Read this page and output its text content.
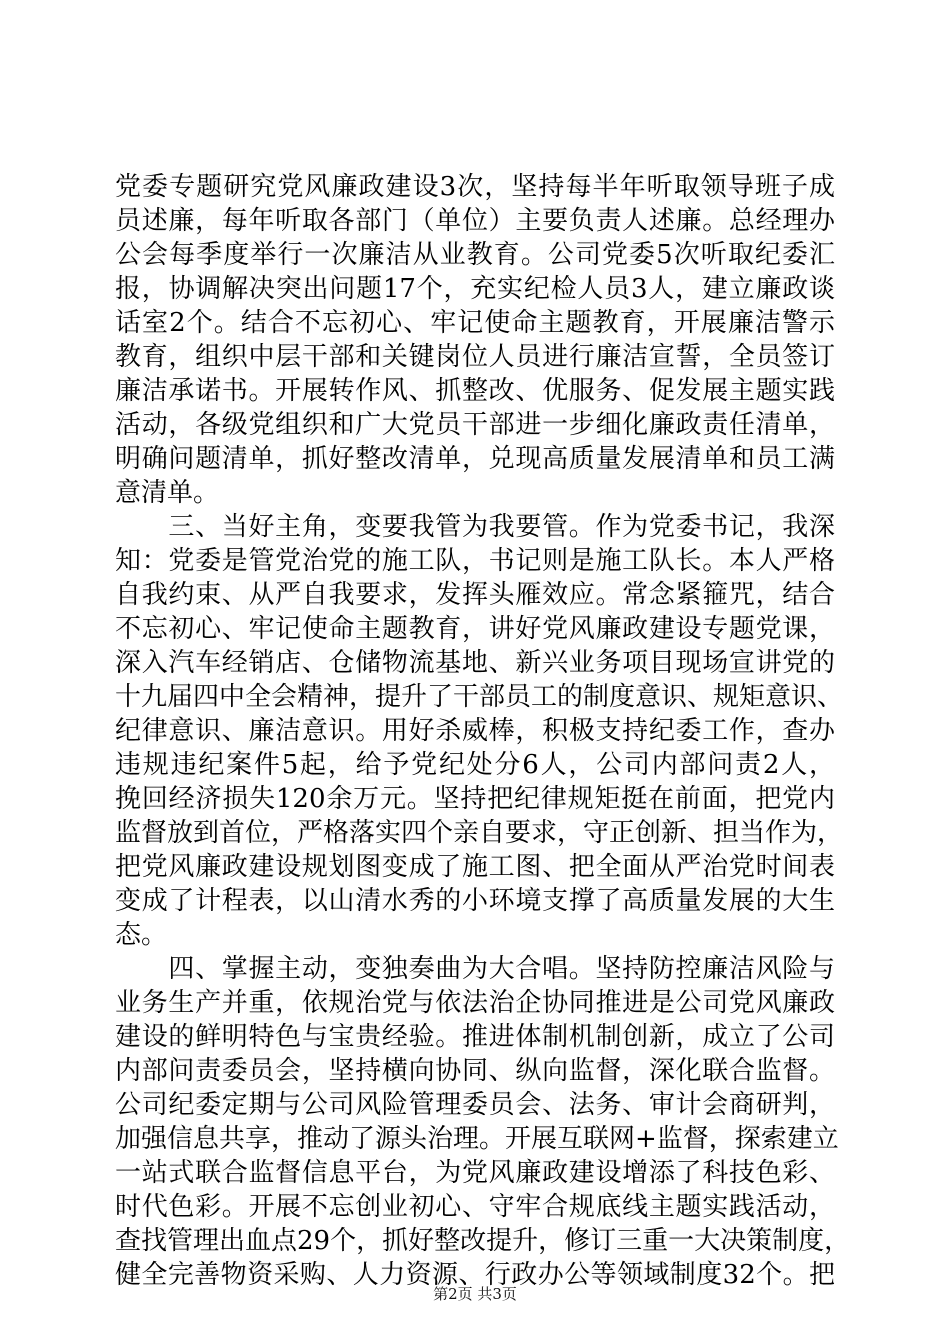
党委专题研究党风廉政建设3次，坚持每半年听取领导班子成
员述廉，每年听取各部门（单位）主要负责人述廉。总经理办
公会每季度举行一次廉洁从业教育。公司党委5次听取纪委汇
报，协调解决突出问题17个，充实纪检人员3人，建立廉政谈
话室2个。结合不忘初心、牢记使命主题教育，开展廉洁警示
教育，组织中层干部和关键岗位人员进行廉洁宣誓，全员签订
廉洁承诺书。开展转作风、抓整改、优服务、促发展主题实践
活动，各级党组织和广大党员干部进一步细化廉政责任清单，
明确问题清单，抓好整改清单，兑现高质量发展清单和员工满
意清单。
　　三、当好主角，变要我管为我要管。作为党委书记，我深
知：党委是管党治党的施工队，书记则是施工队长。本人严格
自我约束、从严自我要求，发挥头雁效应。常念紧箍咒，结合
不忘初心、牢记使命主题教育，讲好党风廉政建设专题党课，
深入汽车经销店、仓储物流基地、新兴业务项目现场宣讲党的
十九届四中全会精神，提升了干部员工的制度意识、规矩意识、
纪律意识、廉洁意识。用好杀威棒，积极支持纪委工作，查办
违规违纪案件5起，给予党纪处分6人，公司内部问责2人，
挽回经济损失120余万元。坚持把纪律规矩挺在前面，把党内
监督放到首位，严格落实四个亲自要求，守正创新、担当作为，
把党风廉政建设规划图变成了施工图、把全面从严治党时间表
变成了计程表，以山清水秀的小环境支撑了高质量发展的大生
态。
　　四、掌握主动，变独奏曲为大合唱。坚持防控廉洁风险与
业务生产并重，依规治党与依法治企协同推进是公司党风廉政
建设的鲜明特色与宝贵经验。推进体制机制创新，成立了公司
内部问责委员会，坚持横向协同、纵向监督，深化联合监督。
公司纪委定期与公司风险管理委员会、法务、审计会商研判，
加强信息共享，推动了源头治理。开展互联网+监督，探索建立
一站式联合监督信息平台，为党风廉政建设增添了科技色彩、
时代色彩。开展不忘创业初心、守牢合规底线主题实践活动，
查找管理出血点29个，抓好整改提升，修订三重一大决策制度，
健全完善物资采购、人力资源、行政办公等领域制度32个。把
第2页 共3页
